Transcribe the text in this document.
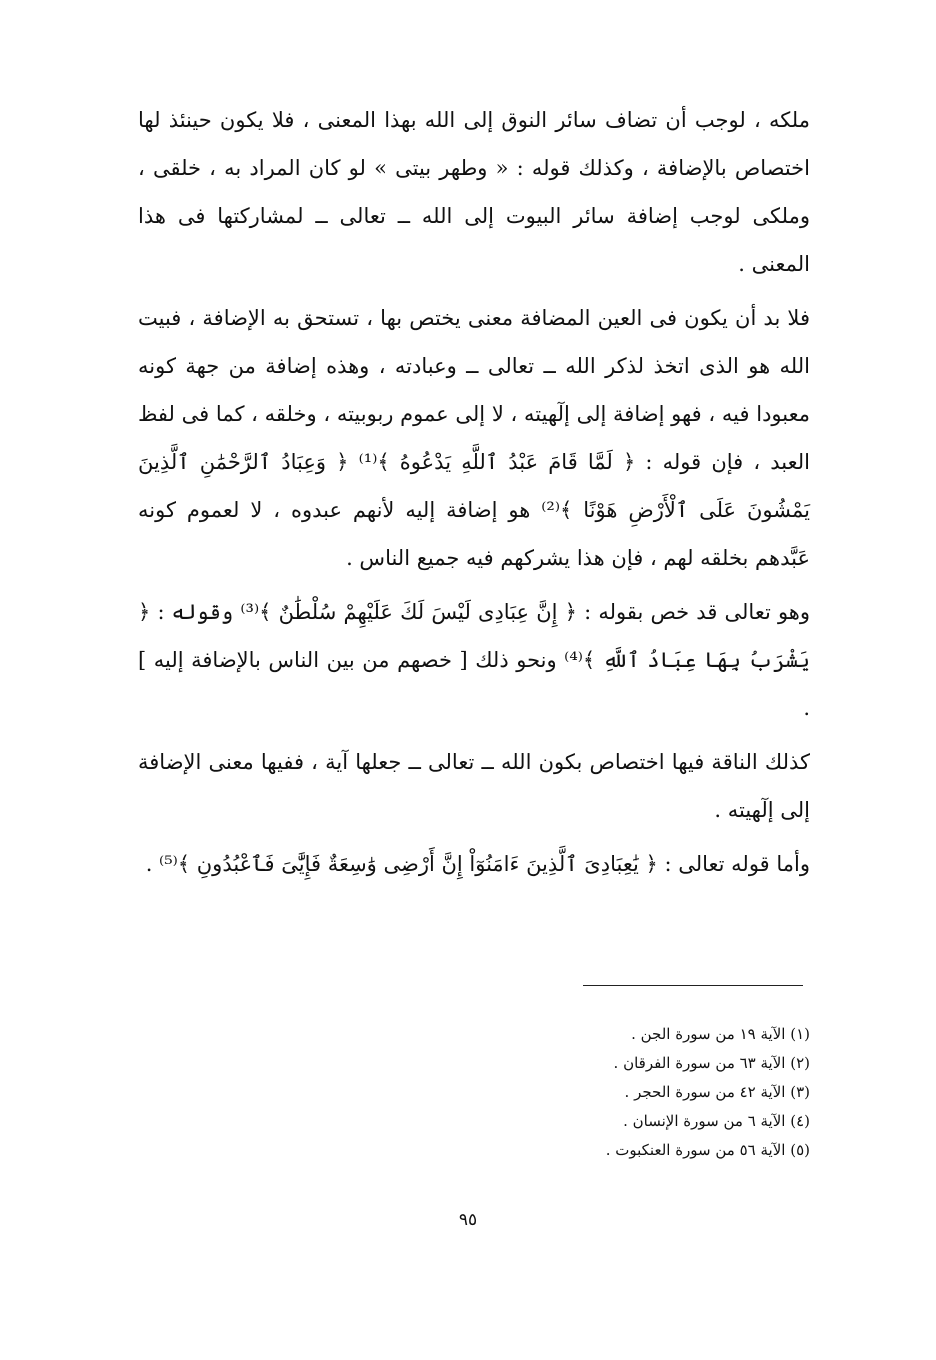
ملكه ، لوجب أن تضاف سائر النوق إلى الله بهذا المعنى ، فلا يكون حينئذ لها اختصاص بالإضافة ، وكذلك قوله : « وطهر بيتى » لو كان المراد به ، خلقى ، وملكى لوجب إضافة سائر البيوت إلى الله ــ تعالى ــ لمشاركتها فى هذا المعنى .

فلا بد أن يكون فى العين المضافة معنى يختص بها ، تستحق به الإضافة ، فبيت الله هو الذى اتخذ لذكر الله ــ تعالى ــ وعبادته ، وهذه إضافة من جهة كونه معبودا فيه ، فهو إضافة إلى إلٓهيته ، لا إلى عموم ربوبيته ، وخلقه ، كما فى لفظ العبد ، فإن قوله : ﴿ لَمَّا قَامَ عَبْدُ ٱللَّهِ يَدْعُوهُ ﴾⁽¹⁾ ﴿ وَعِبَادُ ٱلرَّحْمَٰنِ ٱلَّذِينَ يَمْشُونَ عَلَى ٱلْأَرْضِ هَوْنًا ﴾⁽²⁾ هو إضافة إليه لأنهم عبدوه ، لا لعموم كونه عَبَّدهم بخلقه لهم ، فإن هذا يشركهم فيه جميع الناس .

وهو تعالى قد خص بقوله : ﴿ إِنَّ عِبَادِى لَيْسَ لَكَ عَلَيْهِمْ سُلْطَٰنٌ ﴾⁽³⁾ وقوله : ﴿ يَشْرَبُ بِهَا عِبَادُ ٱللَّهِ ﴾⁽⁴⁾ ونحو ذلك [ خصهم من بين الناس بالإضافة إليه ] .

كذلك الناقة فيها اختصاص بكون الله ــ تعالى ــ جعلها آية ، ففيها معنى الإضافة إلى إلٓهيته .

وأما قوله تعالى : ﴿ يَٰعِبَادِىَ ٱلَّذِينَ ءَامَنُوٓاْ إِنَّ أَرْضِى وَٰسِعَةٌ فَإِيَّٰىَ فَٱعْبُدُونِ ﴾⁽⁵⁾ .

(١) الآية ١٩ من سورة الجن .
(٢) الآية ٦٣ من سورة الفرقان .
(٣) الآية ٤٢ من سورة الحجر .
(٤) الآية ٦ من سورة الإنسان .
(٥) الآية ٥٦ من سورة العنكبوت .
٩٥
